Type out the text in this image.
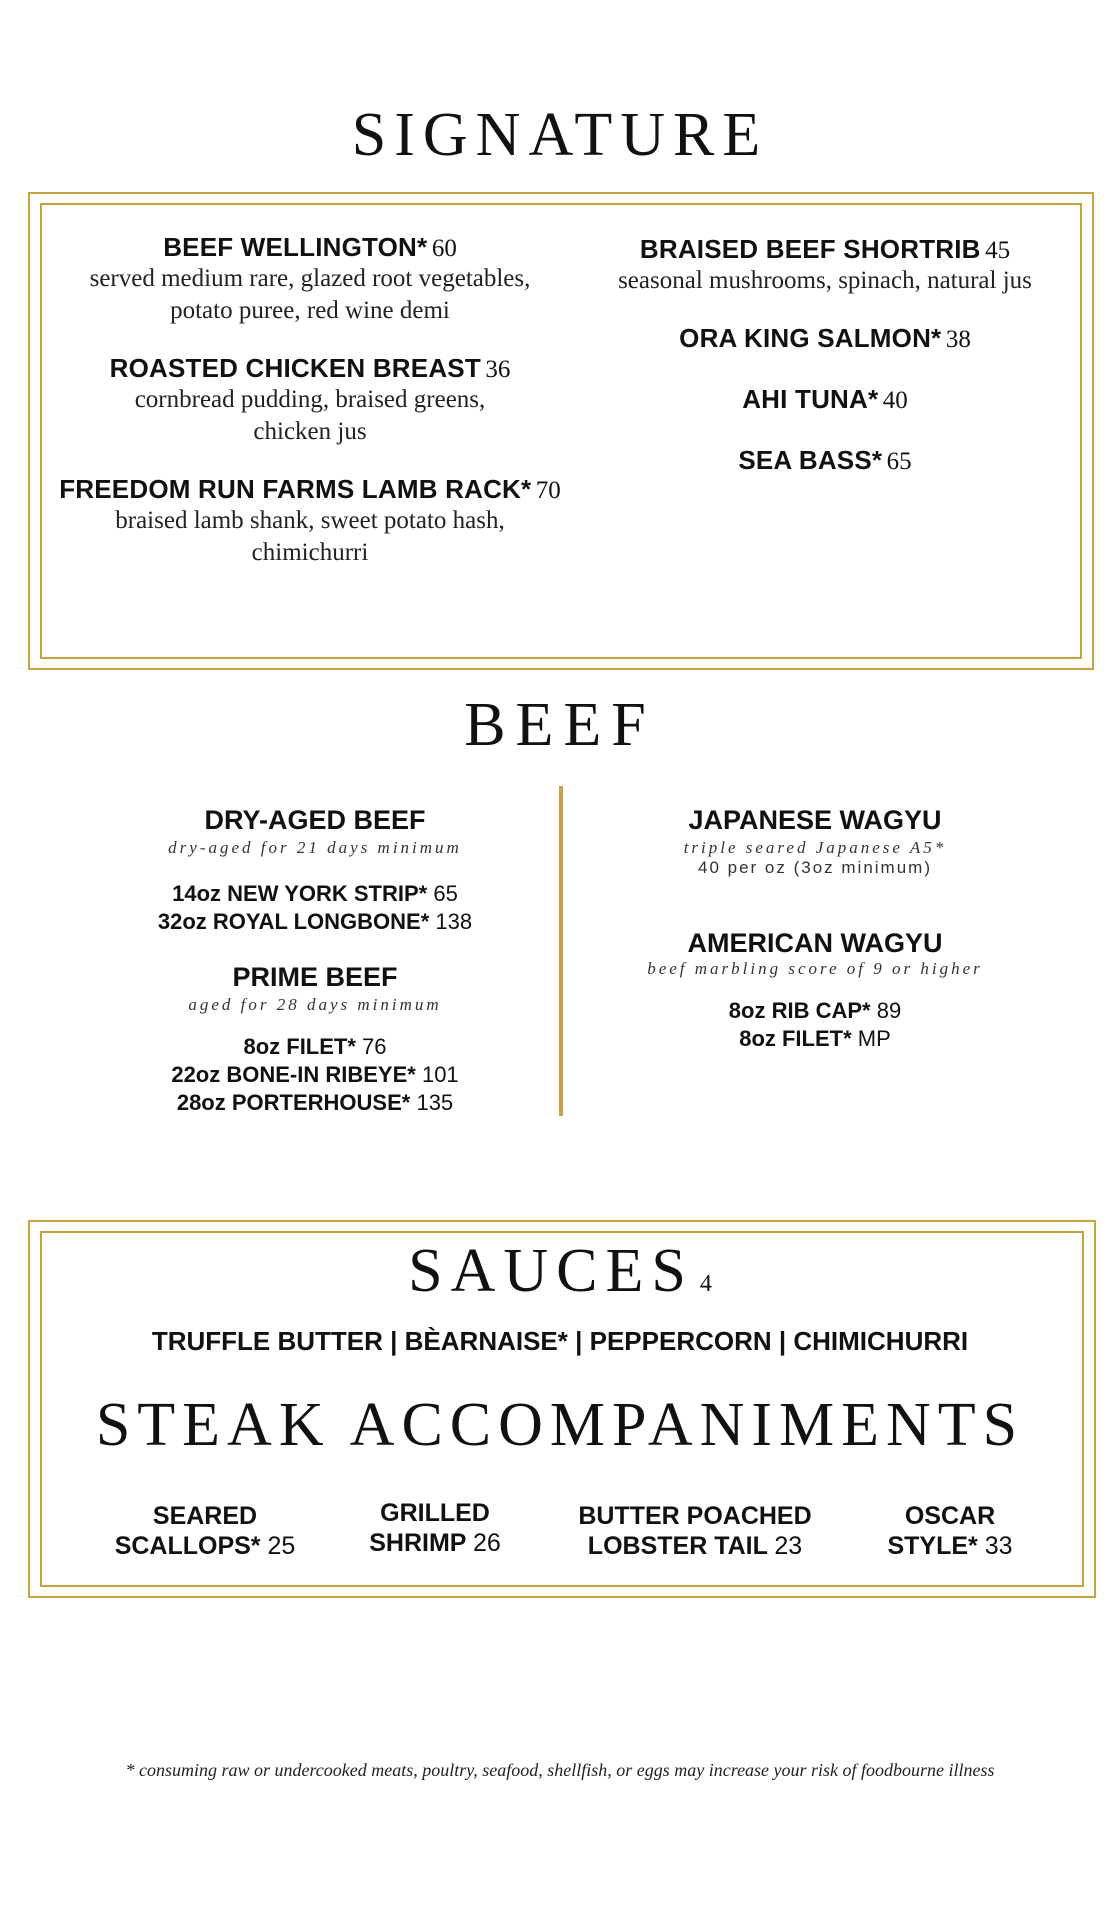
SIGNATURE
BEEF WELLINGTON* 60
served medium rare, glazed root vegetables, potato puree, red wine demi
ROASTED CHICKEN BREAST 36
cornbread pudding, braised greens, chicken jus
FREEDOM RUN FARMS LAMB RACK* 70
braised lamb shank, sweet potato hash, chimichurri
BRAISED BEEF SHORTRIB 45
seasonal mushrooms, spinach, natural jus
ORA KING SALMON* 38
AHI TUNA* 40
SEA BASS* 65
BEEF
DRY-AGED BEEF
dry-aged for 21 days minimum
14oz NEW YORK STRIP* 65
32oz ROYAL LONGBONE* 138
PRIME BEEF
aged for 28 days minimum
8oz FILET* 76
22oz BONE-IN RIBEYE* 101
28oz PORTERHOUSE* 135
JAPANESE WAGYU
triple seared Japanese A5*
40 per oz (3oz minimum)
AMERICAN WAGYU
beef marbling score of 9 or higher
8oz RIB CAP* 89
8oz FILET* MP
SAUCES 4
TRUFFLE BUTTER | BÈARNAISE* | PEPPERCORN | CHIMICHURRI
STEAK ACCOMPANIMENTS
SEARED
SCALLOPS* 25
GRILLED
SHRIMP 26
BUTTER POACHED
LOBSTER TAIL 23
OSCAR
STYLE* 33
* consuming raw or undercooked meats, poultry, seafood, shellfish, or eggs may increase your risk of foodbourne illness
